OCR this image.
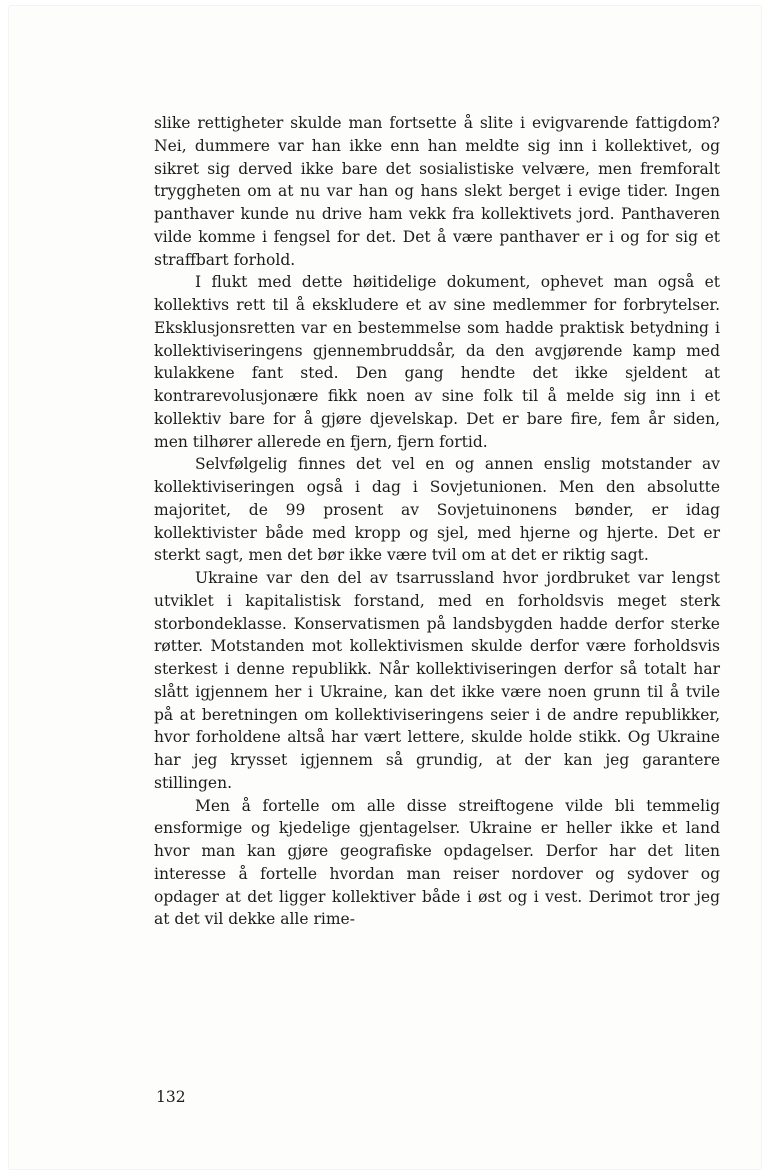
slike rettigheter skulde man fortsette å slite i evigvarende fattigdom? Nei, dummere var han ikke enn han meldte sig inn i kollektivet, og sikret sig derved ikke bare det sosialistiske velvære, men fremforalt tryggheten om at nu var han og hans slekt berget i evige tider. Ingen panthaver kunde nu drive ham vekk fra kollektivets jord. Panthaveren vilde komme i fengsel for det. Det å være panthaver er i og for sig et straffbart forhold.

I flukt med dette høitidelige dokument, ophevet man også et kollektivs rett til å ekskludere et av sine medlemmer for forbrytelser. Eksklusjonsretten var en bestemmelse som hadde praktisk betydning i kollektiviseringens gjennembruddsår, da den avgjørende kamp med kulakkene fant sted. Den gang hendte det ikke sjeldent at kontrarevolusjonære fikk noen av sine folk til å melde sig inn i et kollektiv bare for å gjøre djevelskap. Det er bare fire, fem år siden, men tilhører allerede en fjern, fjern fortid.

Selvfølgelig finnes det vel en og annen enslig motstander av kollektiviseringen også i dag i Sovjetunionen. Men den absolutte majoritet, de 99 prosent av Sovjetuinonens bønder, er idag kollektivister både med kropp og sjel, med hjerne og hjerte. Det er sterkt sagt, men det bør ikke være tvil om at det er riktig sagt.

Ukraine var den del av tsarrussland hvor jordbruket var lengst utviklet i kapitalistisk forstand, med en forholdsvis meget sterk storbondeklasse. Konservatismen på landsbygden hadde derfor sterke røtter. Motstanden mot kollektivismen skulde derfor være forholdsvis sterkest i denne republikk. Når kollektiviseringen derfor så totalt har slått igjennem her i Ukraine, kan det ikke være noen grunn til å tvile på at beretningen om kollektiviseringens seier i de andre republikker, hvor forholdene altså har vært lettere, skulde holde stikk. Og Ukraine har jeg krysset igjennem så grundig, at der kan jeg garantere stillingen.

Men å fortelle om alle disse streiftogene vilde bli temmelig ensformige og kjedelige gjentagelser. Ukraine er heller ikke et land hvor man kan gjøre geografiske opdagelser. Derfor har det liten interesse å fortelle hvordan man reiser nordover og sydover og opdager at det ligger kollektiver både i øst og i vest. Derimot tror jeg at det vil dekke alle rime-

132
